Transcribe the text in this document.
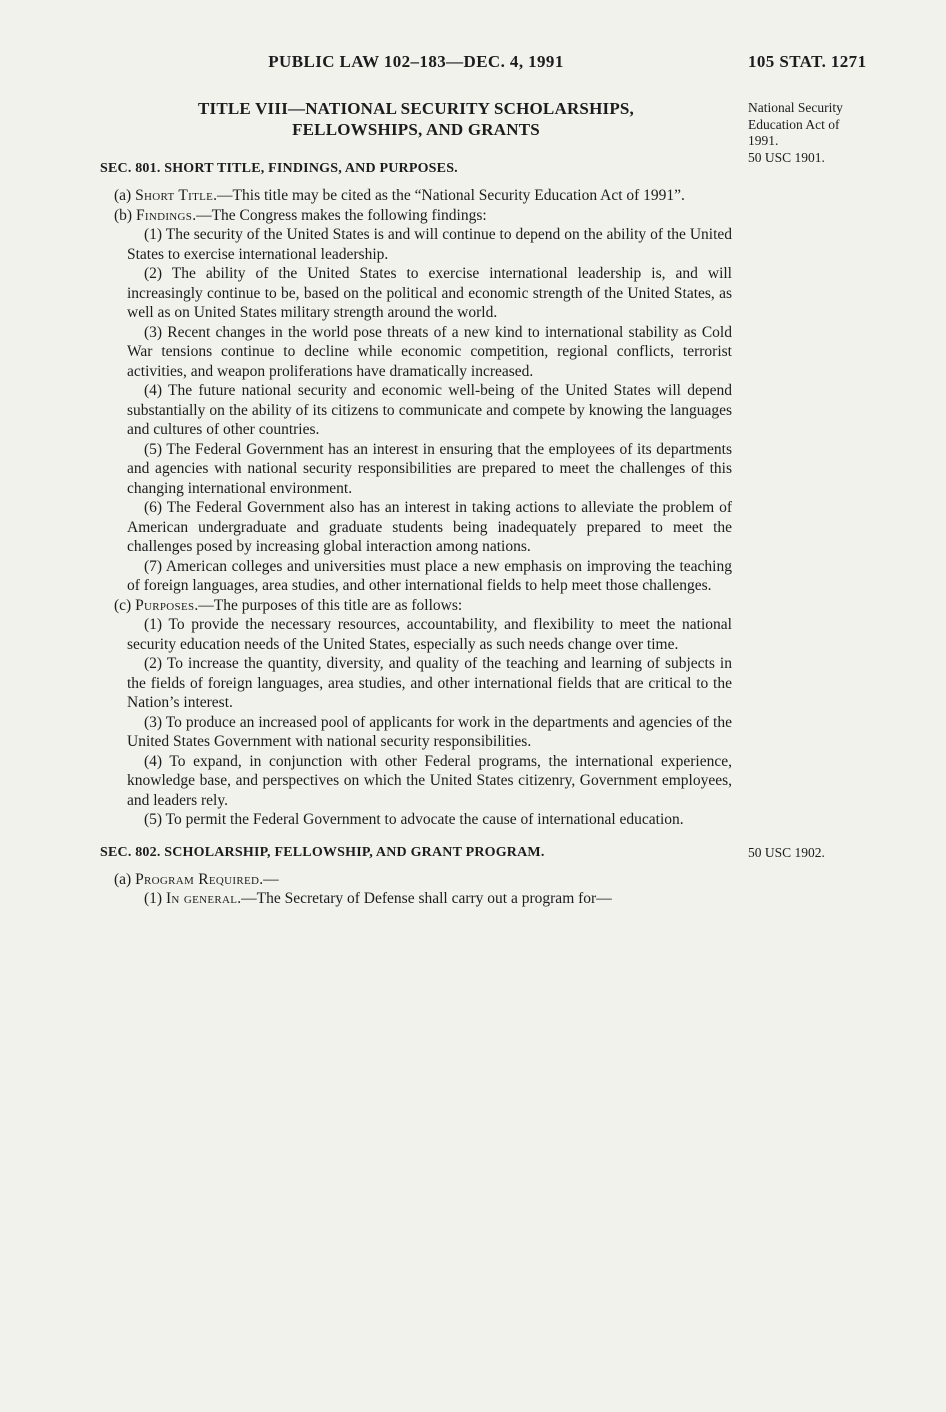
PUBLIC LAW 102–183—DEC. 4, 1991	105 STAT. 1271
TITLE VIII—NATIONAL SECURITY SCHOLARSHIPS,
FELLOWSHIPS, AND GRANTS

National Security Education Act of 1991.

50 USC 1901.

SEC. 801. SHORT TITLE, FINDINGS, AND PURPOSES.

(a) Short Title.—This title may be cited as the “National Security Education Act of 1991”.

(b) Findings.—The Congress makes the following findings:

(1) The security of the United States is and will continue to depend on the ability of the United States to exercise international leadership.

(2) The ability of the United States to exercise international leadership is, and will increasingly continue to be, based on the political and economic strength of the United States, as well as on United States military strength around the world.

(3) Recent changes in the world pose threats of a new kind to international stability as Cold War tensions continue to decline while economic competition, regional conflicts, terrorist activities, and weapon proliferations have dramatically increased.

(4) The future national security and economic well-being of the United States will depend substantially on the ability of its citizens to communicate and compete by knowing the languages and cultures of other countries.

(5) The Federal Government has an interest in ensuring that the employees of its departments and agencies with national security responsibilities are prepared to meet the challenges of this changing international environment.

(6) The Federal Government also has an interest in taking actions to alleviate the problem of American undergraduate and graduate students being inadequately prepared to meet the challenges posed by increasing global interaction among nations.

(7) American colleges and universities must place a new emphasis on improving the teaching of foreign languages, area studies, and other international fields to help meet those challenges.

(c) Purposes.—The purposes of this title are as follows:

(1) To provide the necessary resources, accountability, and flexibility to meet the national security education needs of the United States, especially as such needs change over time.

(2) To increase the quantity, diversity, and quality of the teaching and learning of subjects in the fields of foreign languages, area studies, and other international fields that are critical to the Nation’s interest.

(3) To produce an increased pool of applicants for work in the departments and agencies of the United States Government with national security responsibilities.

(4) To expand, in conjunction with other Federal programs, the international experience, knowledge base, and perspectives on which the United States citizenry, Government employees, and leaders rely.

(5) To permit the Federal Government to advocate the cause of international education.

SEC. 802. SCHOLARSHIP, FELLOWSHIP, AND GRANT PROGRAM.	50 USC 1902.

(a) Program Required.—

(1) In general.—The Secretary of Defense shall carry out a program for—
